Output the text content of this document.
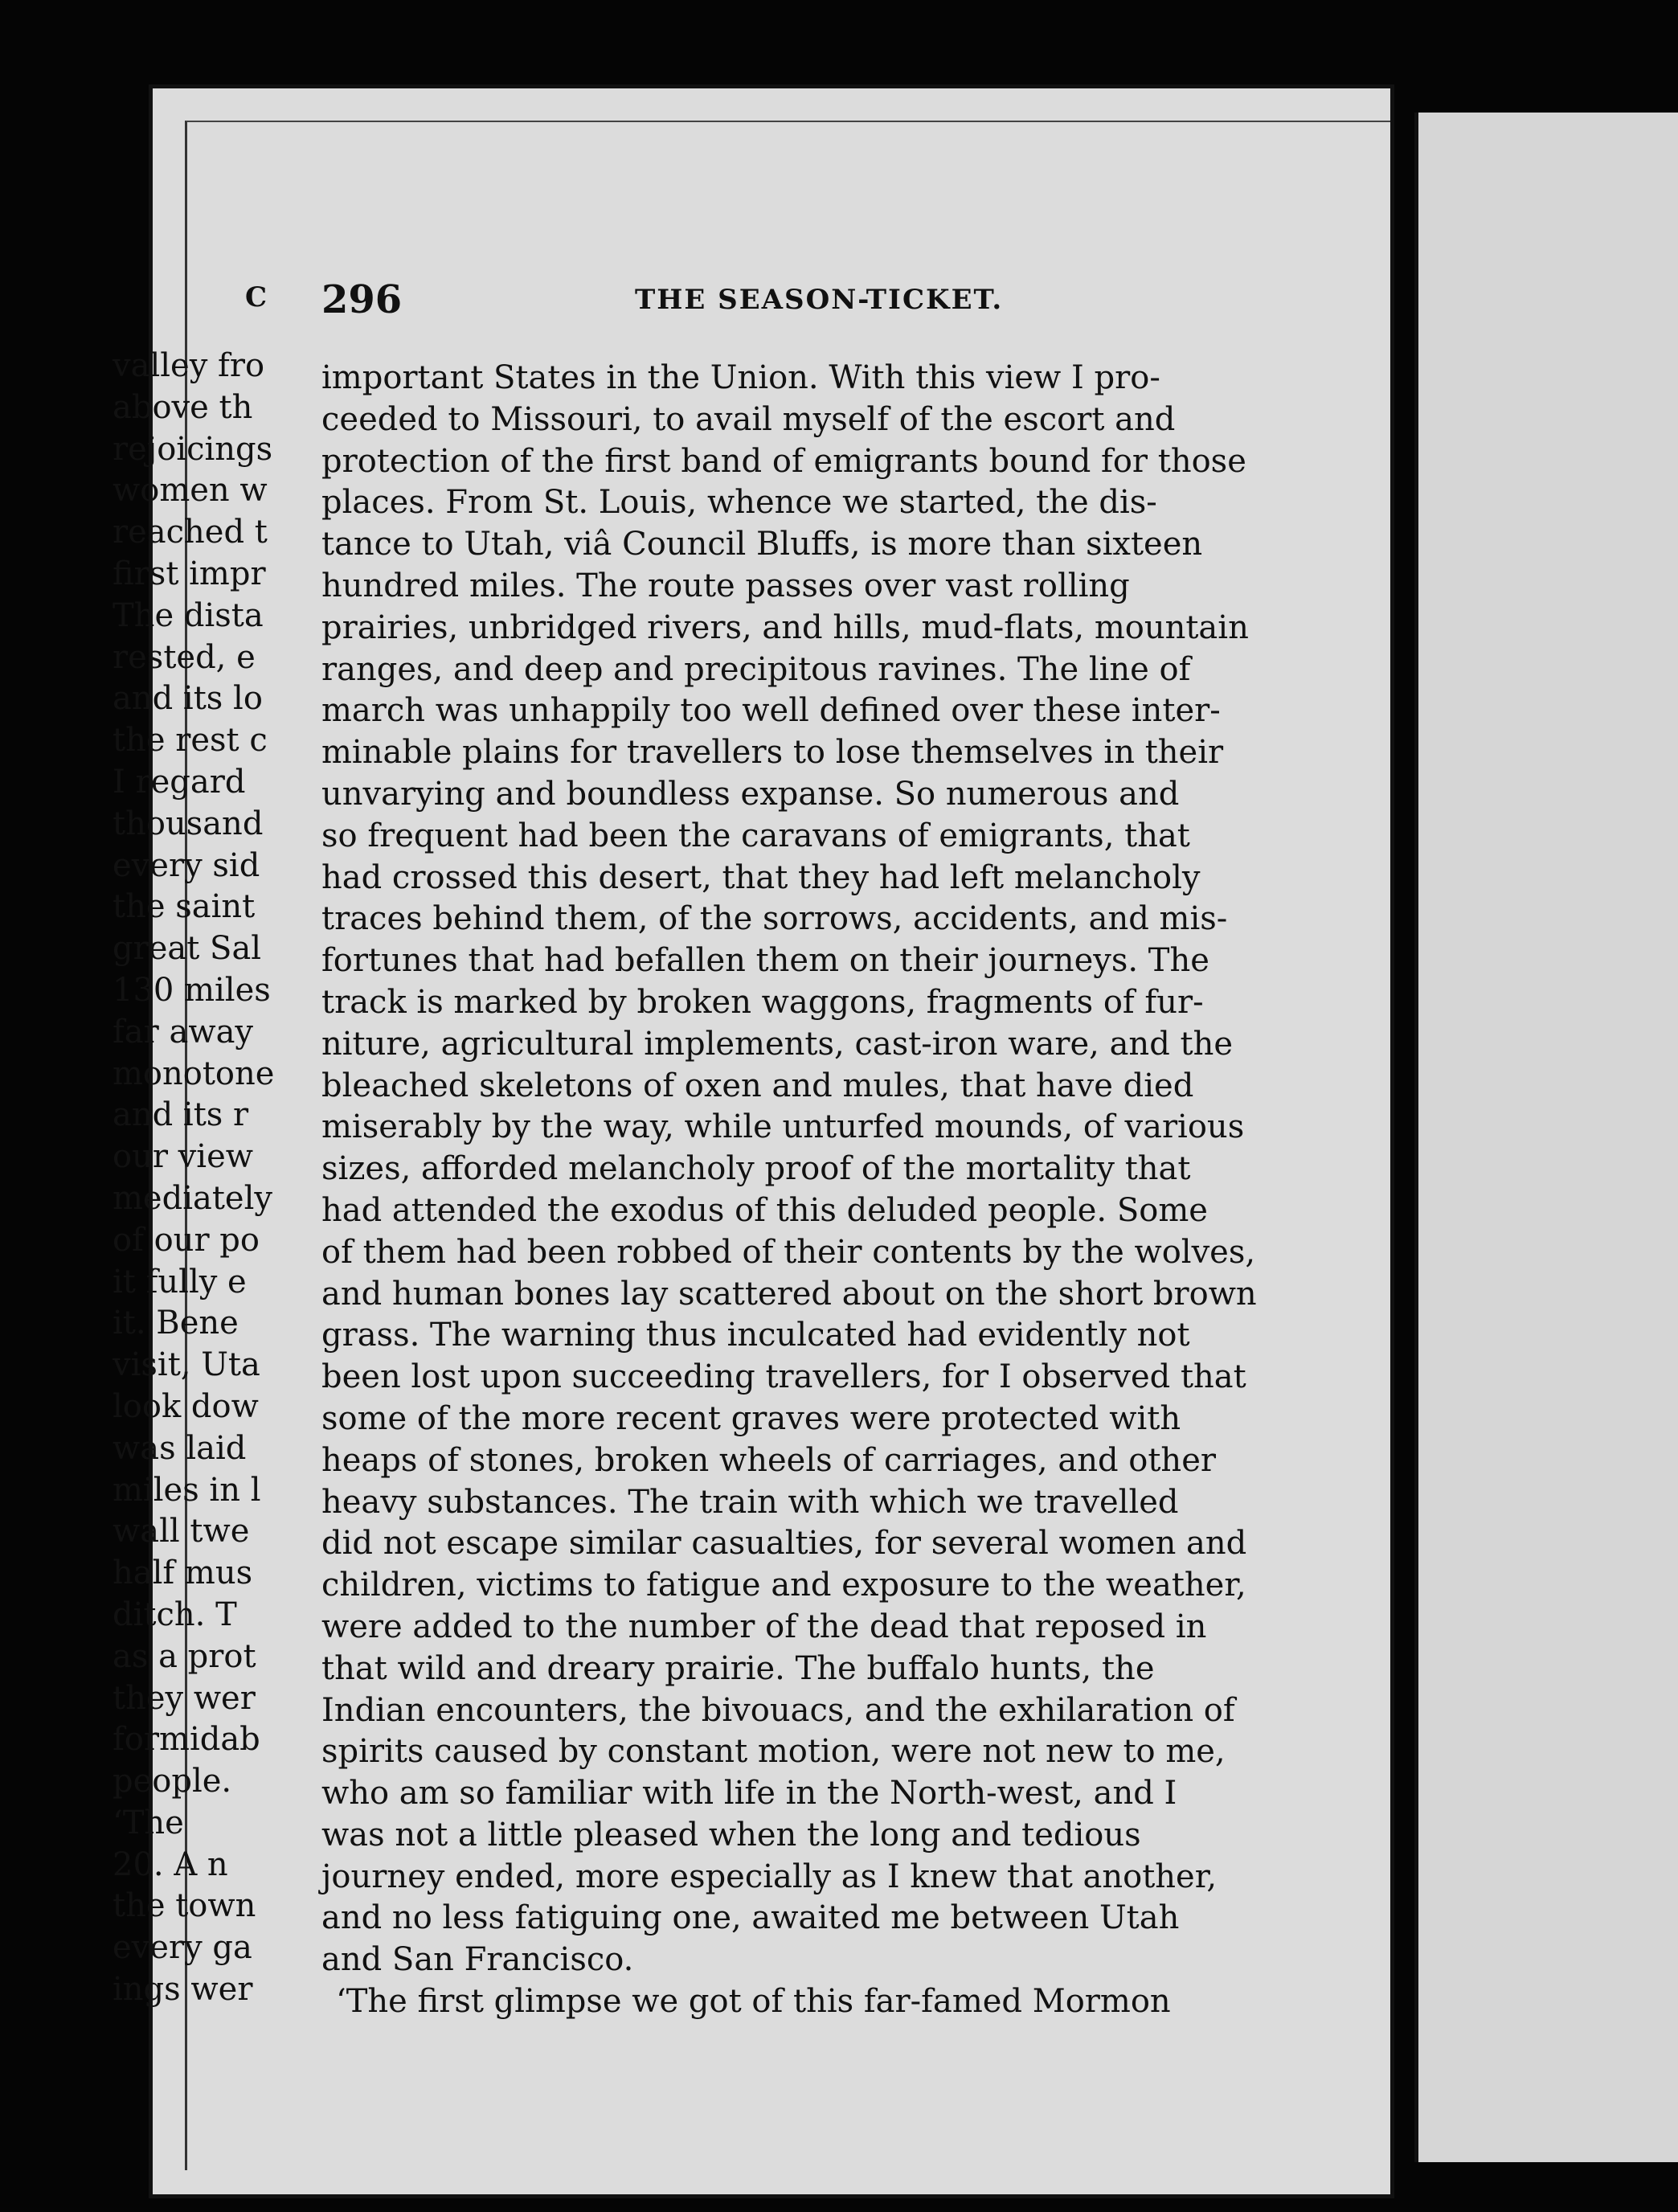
296	THE SEASON-TICKET.

important States in the Union. With this view I pro-
ceeded to Missouri, to avail myself of the escort and
protection of the first band of emigrants bound for those
places. From St. Louis, whence we started, the dis-
tance to Utah, viâ Council Bluffs, is more than sixteen
hundred miles. The route passes over vast rolling
prairies, unbridged rivers, and hills, mud-flats, mountain
ranges, and deep and precipitous ravines. The line of
march was unhappily too well defined over these inter-
minable plains for travellers to lose themselves in their
unvarying and boundless expanse. So numerous and
so frequent had been the caravans of emigrants, that
had crossed this desert, that they had left melancholy
traces behind them, of the sorrows, accidents, and mis-
fortunes that had befallen them on their journeys. The
track is marked by broken waggons, fragments of fur-
niture, agricultural implements, cast-iron ware, and the
bleached skeletons of oxen and mules, that have died
miserably by the way, while unturfed mounds, of various
sizes, afforded melancholy proof of the mortality that
had attended the exodus of this deluded people. Some
of them had been robbed of their contents by the wolves,
and human bones lay scattered about on the short brown
grass. The warning thus inculcated had evidently not
been lost upon succeeding travellers, for I observed that
some of the more recent graves were protected with
heaps of stones, broken wheels of carriages, and other
heavy substances. The train with which we travelled
did not escape similar casualties, for several women and
children, victims to fatigue and exposure to the weather,
were added to the number of the dead that reposed in
that wild and dreary prairie. The buffalo hunts, the
Indian encounters, the bivouacs, and the exhilaration of
spirits caused by constant motion, were not new to me,
who am so familiar with life in the North-west, and I
was not a little pleased when the long and tedious
journey ended, more especially as I knew that another,
and no less fatiguing one, awaited me between Utah
and San Francisco.

‘The first glimpse we got of this far-famed Mormon

C
valley fro
above th
rejoicings
women w
reached t
first impr
The dista
rested, e
and its lo
the rest c
I regard
thousand
every sid
the saint
great Sal
130 miles
far away
monotone
and its r
our view
mediately
of our po
it fully e
it. Bene
visit, Uta
look dow
was laid
miles in l
wall twe
half mus
ditch. T
as a prot
they wer
formidab
people.
‘The
20. A n
the town
every ga
ings wer
